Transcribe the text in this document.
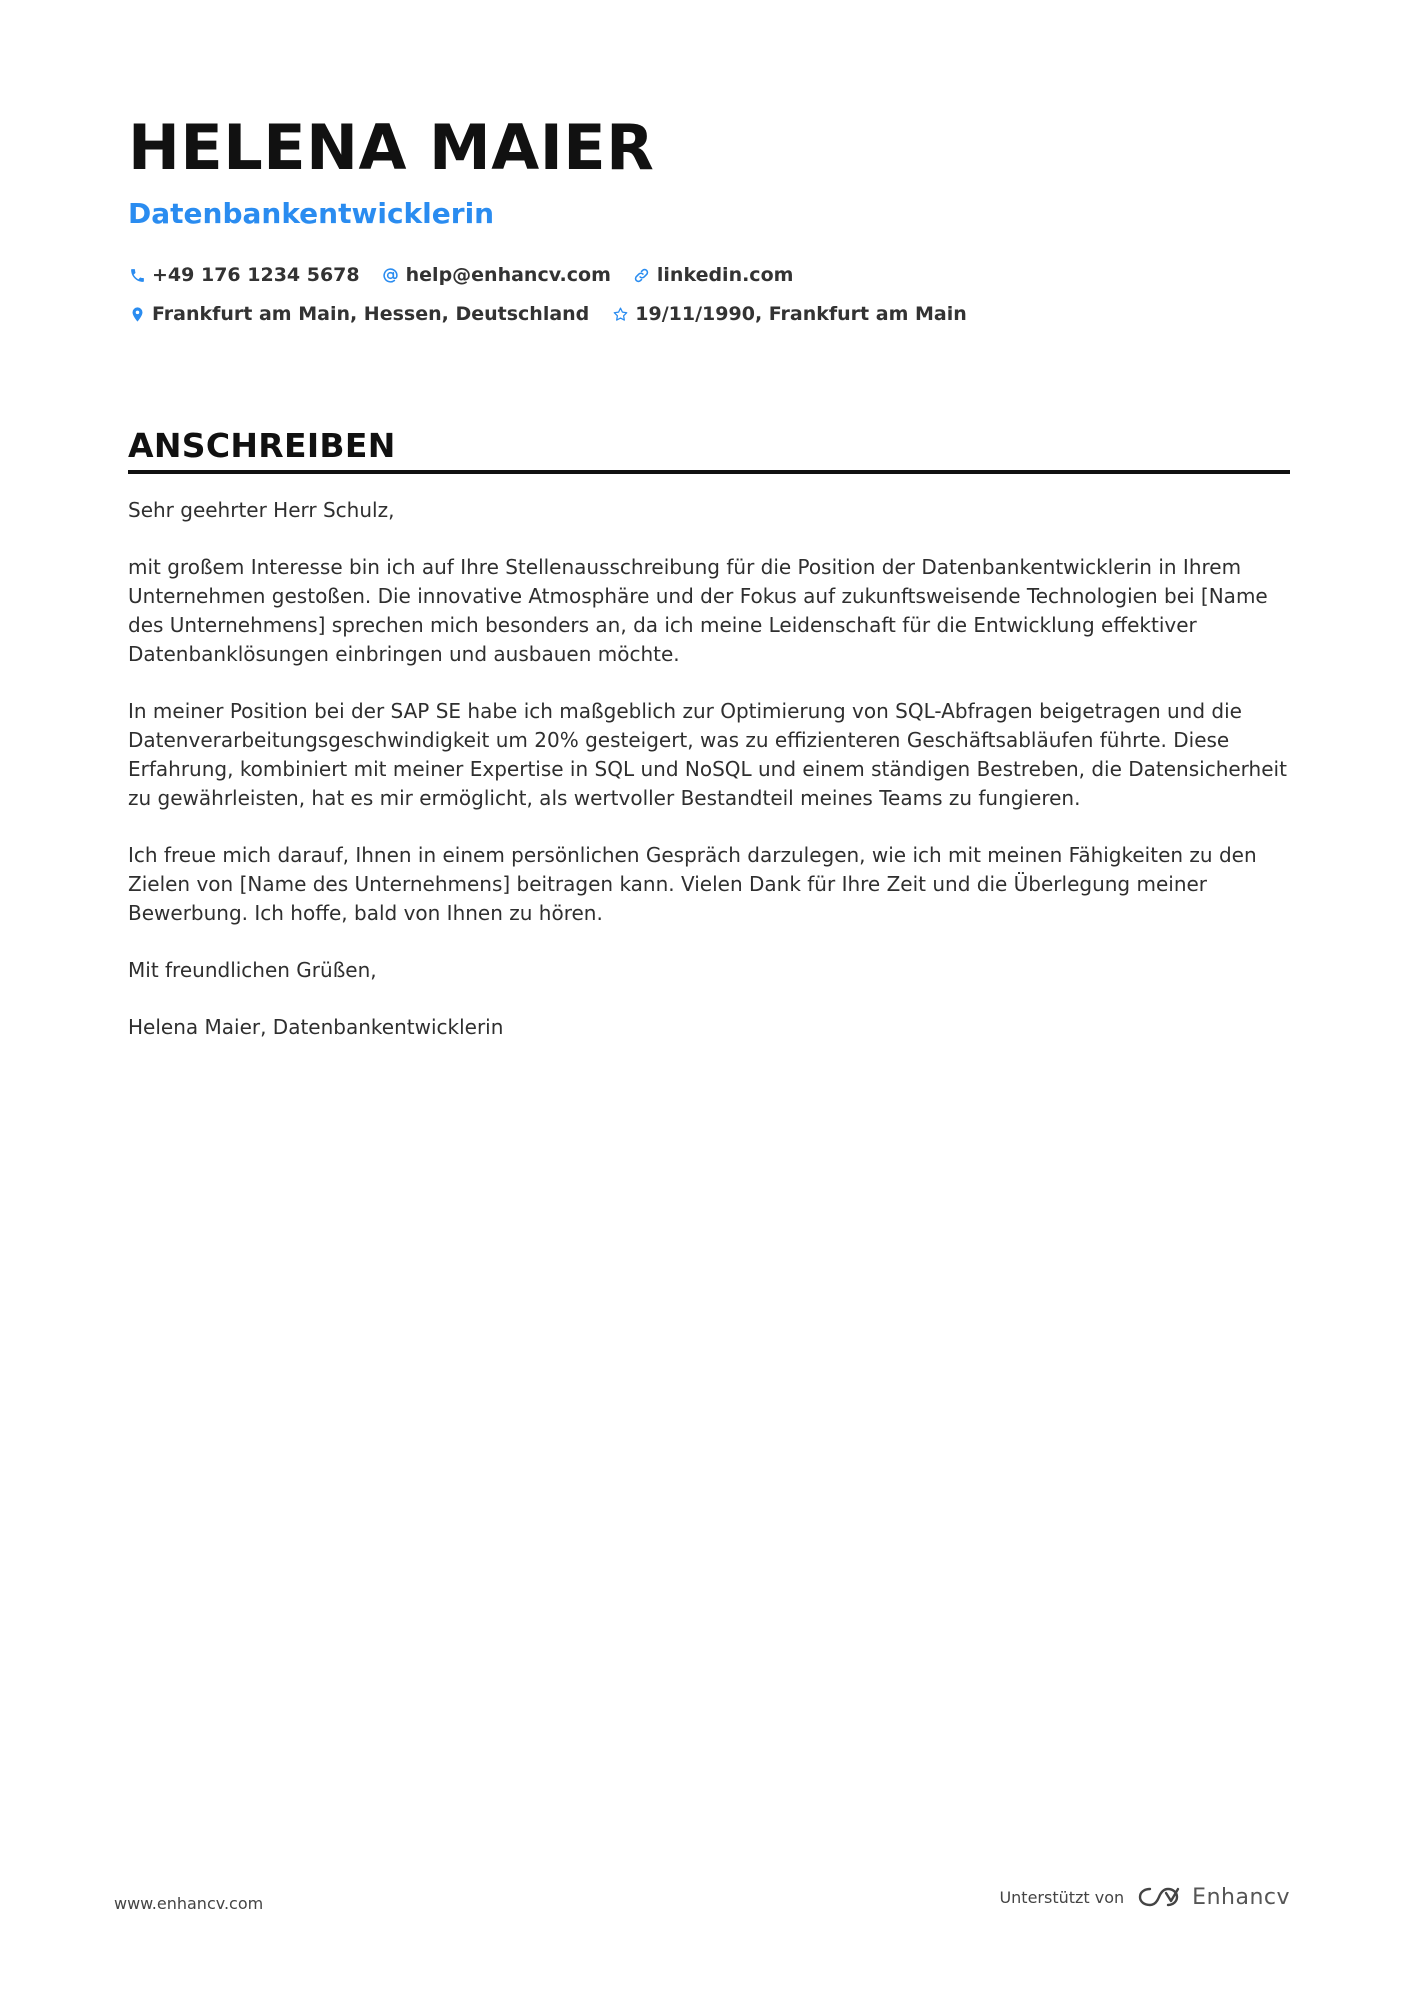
HELENA MAIER
Datenbankentwicklerin
+49 176 1234 5678 help@enhancv.com linkedin.com
Frankfurt am Main, Hessen, Deutschland 19/11/1990, Frankfurt am Main
ANSCHREIBEN

Sehr geehrter Herr Schulz,

mit großem Interesse bin ich auf Ihre Stellenausschreibung für die Position der Datenbankentwicklerin in Ihrem Unternehmen gestoßen. Die innovative Atmosphäre und der Fokus auf zukunftsweisende Technologien bei [Name des Unternehmens] sprechen mich besonders an, da ich meine Leidenschaft für die Entwicklung effektiver Datenbanklösungen einbringen und ausbauen möchte.

In meiner Position bei der SAP SE habe ich maßgeblich zur Optimierung von SQL-Abfragen beigetragen und die Datenverarbeitungsgeschwindigkeit um 20% gesteigert, was zu effizienteren Geschäftsabläufen führte. Diese Erfahrung, kombiniert mit meiner Expertise in SQL und NoSQL und einem ständigen Bestreben, die Datensicherheit zu gewährleisten, hat es mir ermöglicht, als wertvoller Bestandteil meines Teams zu fungieren.

Ich freue mich darauf, Ihnen in einem persönlichen Gespräch darzulegen, wie ich mit meinen Fähigkeiten zu den Zielen von [Name des Unternehmens] beitragen kann. Vielen Dank für Ihre Zeit und die Überlegung meiner Bewerbung. Ich hoffe, bald von Ihnen zu hören.

Mit freundlichen Grüßen,

Helena Maier, Datenbankentwicklerin

www.enhancv.com	Unterstützt von	Enhancv
